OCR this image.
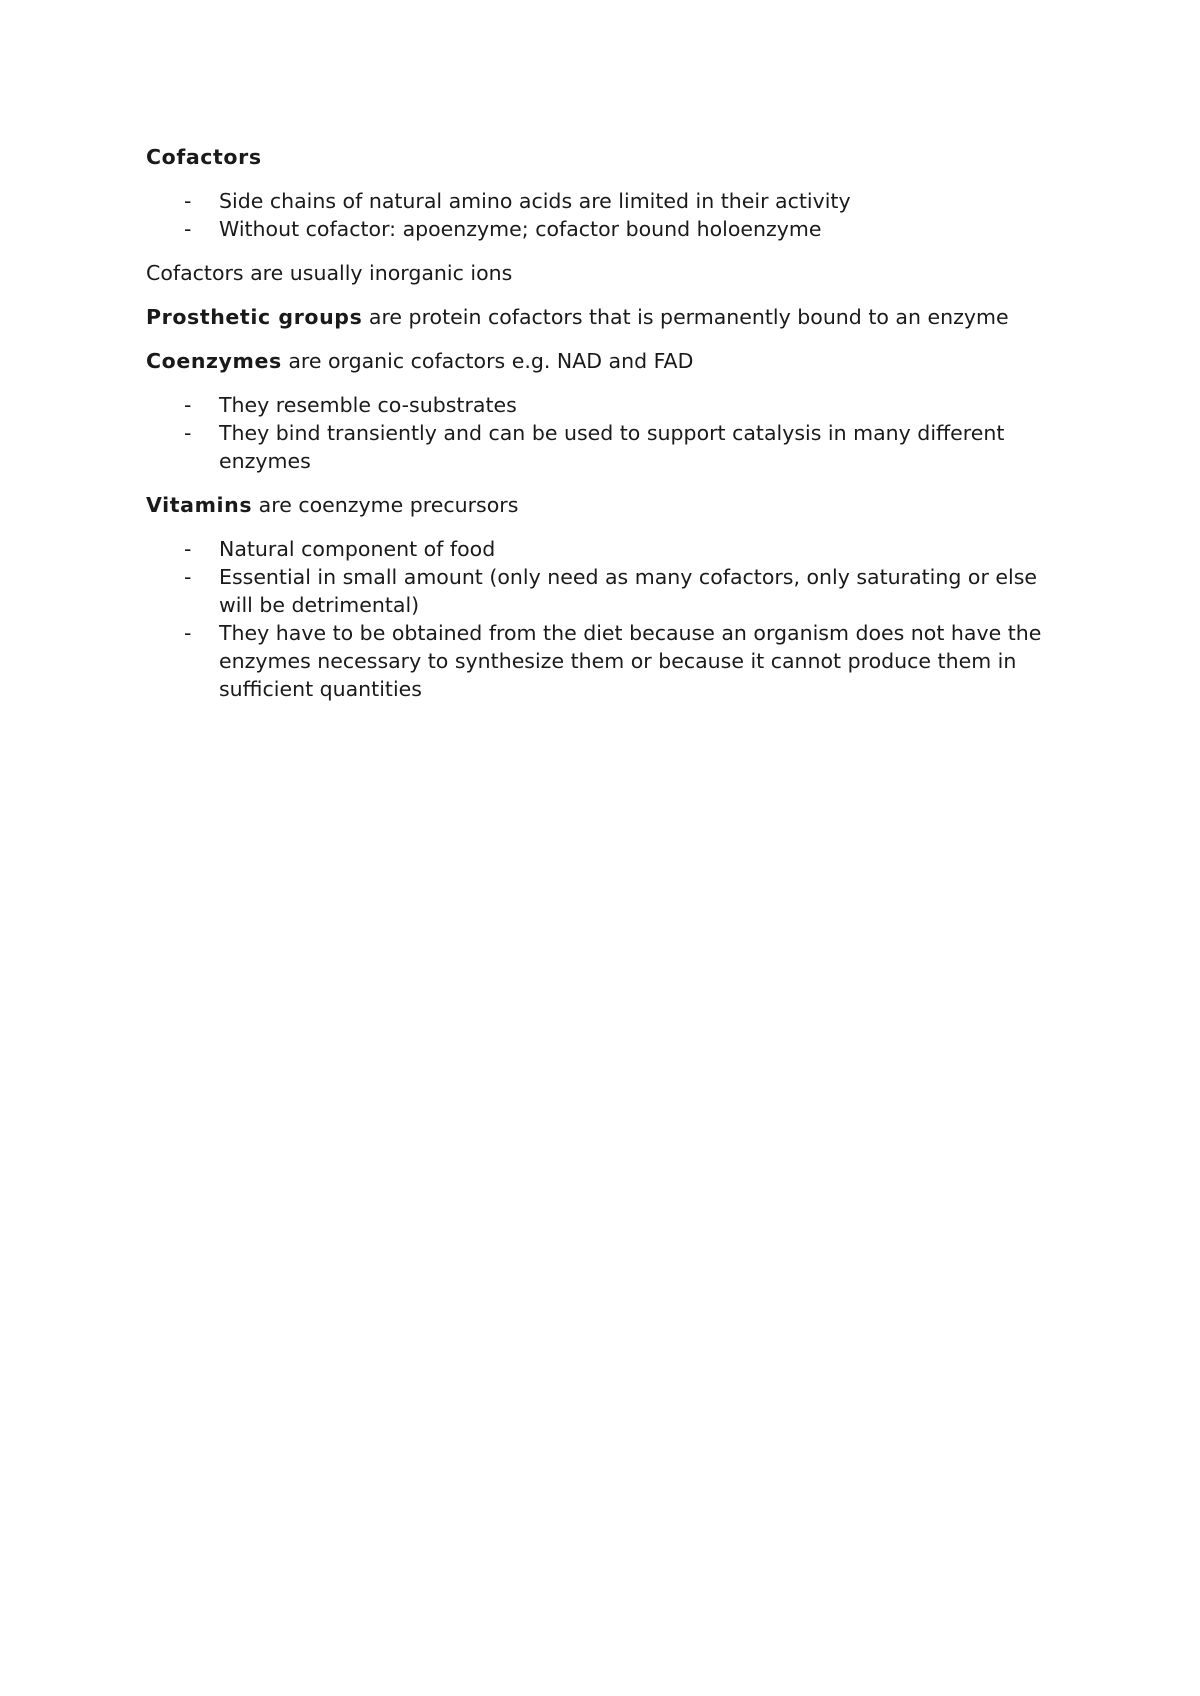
Cofactors
- Side chains of natural amino acids are limited in their activity
- Without cofactor: apoenzyme; cofactor bound holoenzyme
Cofactors are usually inorganic ions
Prosthetic groups are protein cofactors that is permanently bound to an enzyme
Coenzymes are organic cofactors e.g. NAD and FAD
- They resemble co-substrates
- They bind transiently and can be used to support catalysis in many different enzymes
Vitamins are coenzyme precursors
- Natural component of food
- Essential in small amount (only need as many cofactors, only saturating or else will be detrimental)
- They have to be obtained from the diet because an organism does not have the enzymes necessary to synthesize them or because it cannot produce them in sufficient quantities
